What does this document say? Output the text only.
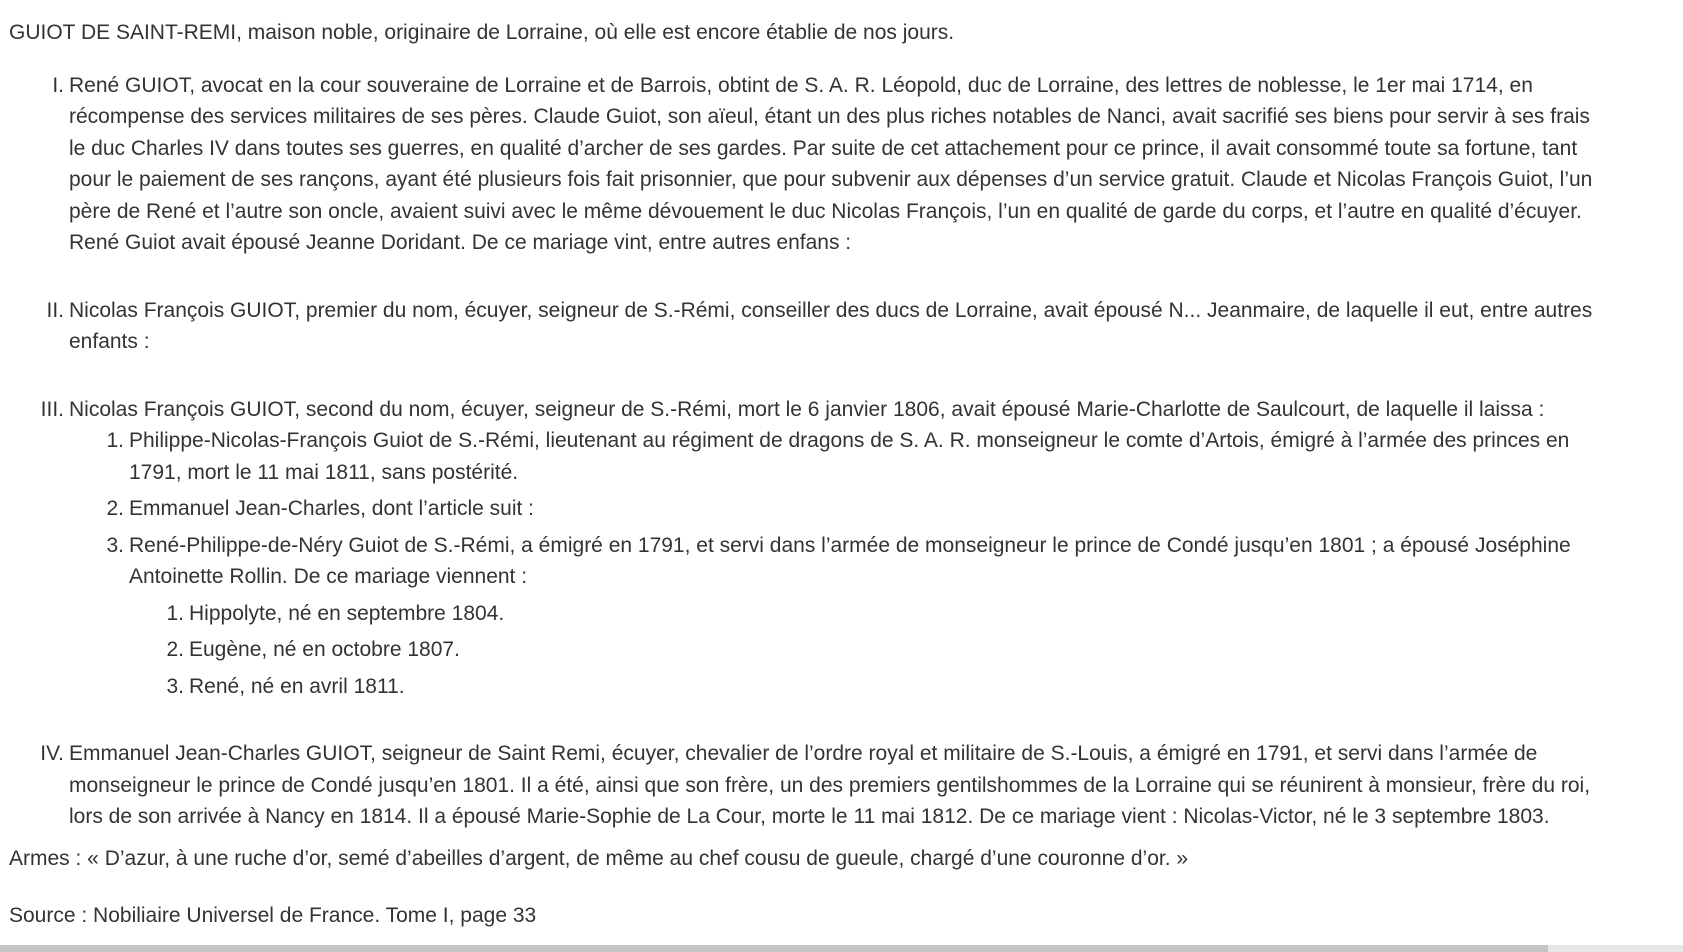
GUIOT DE SAINT-REMI, maison noble, originaire de Lorraine, où elle est encore établie de nos jours.

I. René GUIOT, avocat en la cour souveraine de Lorraine et de Barrois, obtint de S. A. R. Léopold, duc de Lorraine, des lettres de noblesse, le 1er mai 1714, en

récompense des services militaires de ses pères. Claude Guiot, son aïeul, étant un des plus riches notables de Nanci, avait sacrifié ses biens pour servir à ses frais

le duc Charles IV dans toutes ses guerres, en qualité d’archer de ses gardes. Par suite de cet attachement pour ce prince, il avait consommé toute sa fortune, tant

pour le paiement de ses rançons, ayant été plusieurs fois fait prisonnier, que pour subvenir aux dépenses d’un service gratuit. Claude et Nicolas François Guiot, l’un

père de René et l’autre son oncle, avaient suivi avec le même dévouement le duc Nicolas François, l’un en qualité de garde du corps, et l’autre en qualité d’écuyer.

René Guiot avait épousé Jeanne Doridant. De ce mariage vint, entre autres enfans :

II. Nicolas François GUIOT, premier du nom, écuyer, seigneur de S.-Rémi, conseiller des ducs de Lorraine, avait épousé N... Jeanmaire, de laquelle il eut, entre autres

enfants :

III. Nicolas François GUIOT, second du nom, écuyer, seigneur de S.-Rémi, mort le 6 janvier 1806, avait épousé Marie-Charlotte de Saulcourt, de laquelle il laissa :

1. Philippe-Nicolas-François Guiot de S.-Rémi, lieutenant au régiment de dragons de S. A. R. monseigneur le comte d’Artois, émigré à l’armée des princes en

1791, mort le 11 mai 1811, sans postérité.

2. Emmanuel Jean-Charles, dont l’article suit :

3. René-Philippe-de-Néry Guiot de S.-Rémi, a émigré en 1791, et servi dans l’armée de monseigneur le prince de Condé jusqu’en 1801 ; a épousé Joséphine

Antoinette Rollin. De ce mariage viennent :

1. Hippolyte, né en septembre 1804.

2. Eugène, né en octobre 1807.

3. René, né en avril 1811.

IV. Emmanuel Jean-Charles GUIOT, seigneur de Saint Remi, écuyer, chevalier de l’ordre royal et militaire de S.-Louis, a émigré en 1791, et servi dans l’armée de

monseigneur le prince de Condé jusqu’en 1801. Il a été, ainsi que son frère, un des premiers gentilshommes de la Lorraine qui se réunirent à monsieur, frère du roi,

lors de son arrivée à Nancy en 1814. Il a épousé Marie-Sophie de La Cour, morte le 11 mai 1812. De ce mariage vient : Nicolas-Victor, né le 3 septembre 1803.

Armes : « D’azur, à une ruche d’or, semé d’abeilles d’argent, de même au chef cousu de gueule, chargé d’une couronne d’or. »

Source : Nobiliaire Universel de France. Tome I, page 33
